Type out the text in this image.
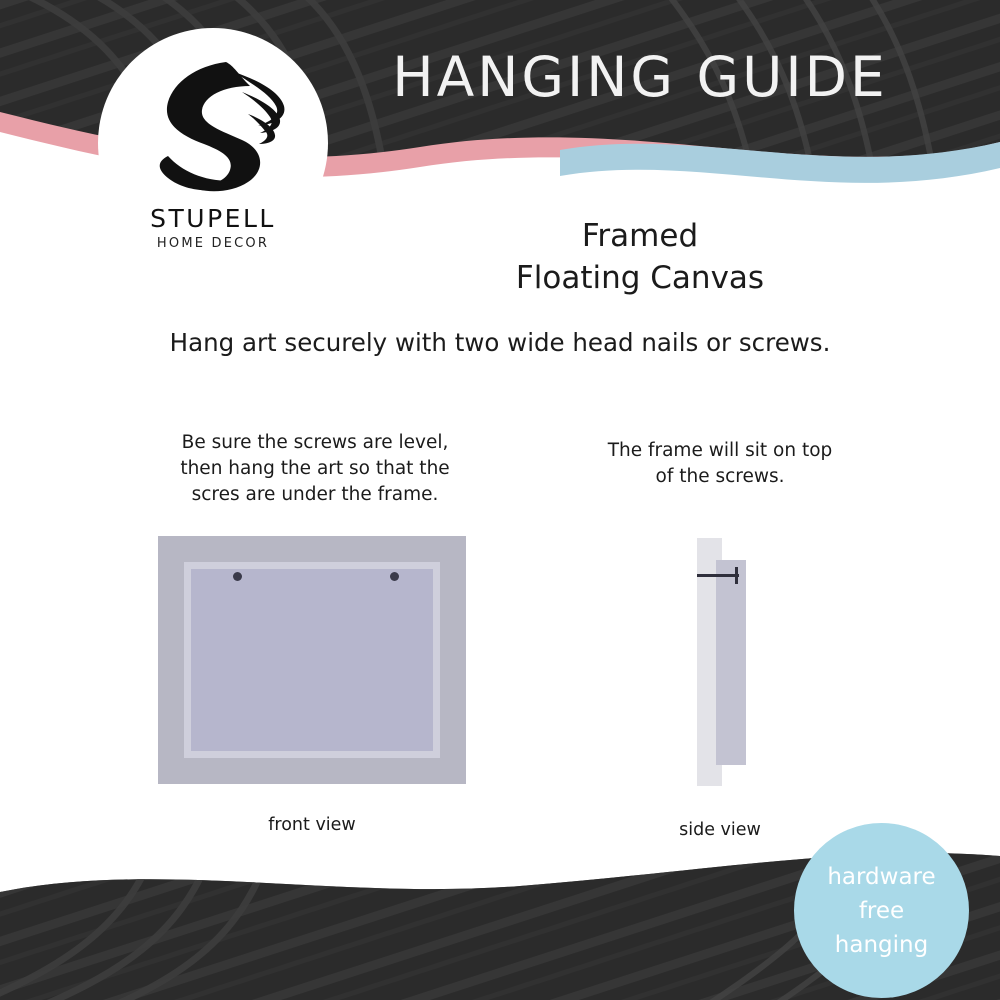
HANGING GUIDE
STUPELL
HOME DECOR	Framed
Floating Canvas
Hang art securely with two wide head nails or screws.
Be sure the screws are level,
then hang the art so that the
scres are under the frame.
front view
The frame will sit on top
of the screws.
side view
hardware
free
hanging
